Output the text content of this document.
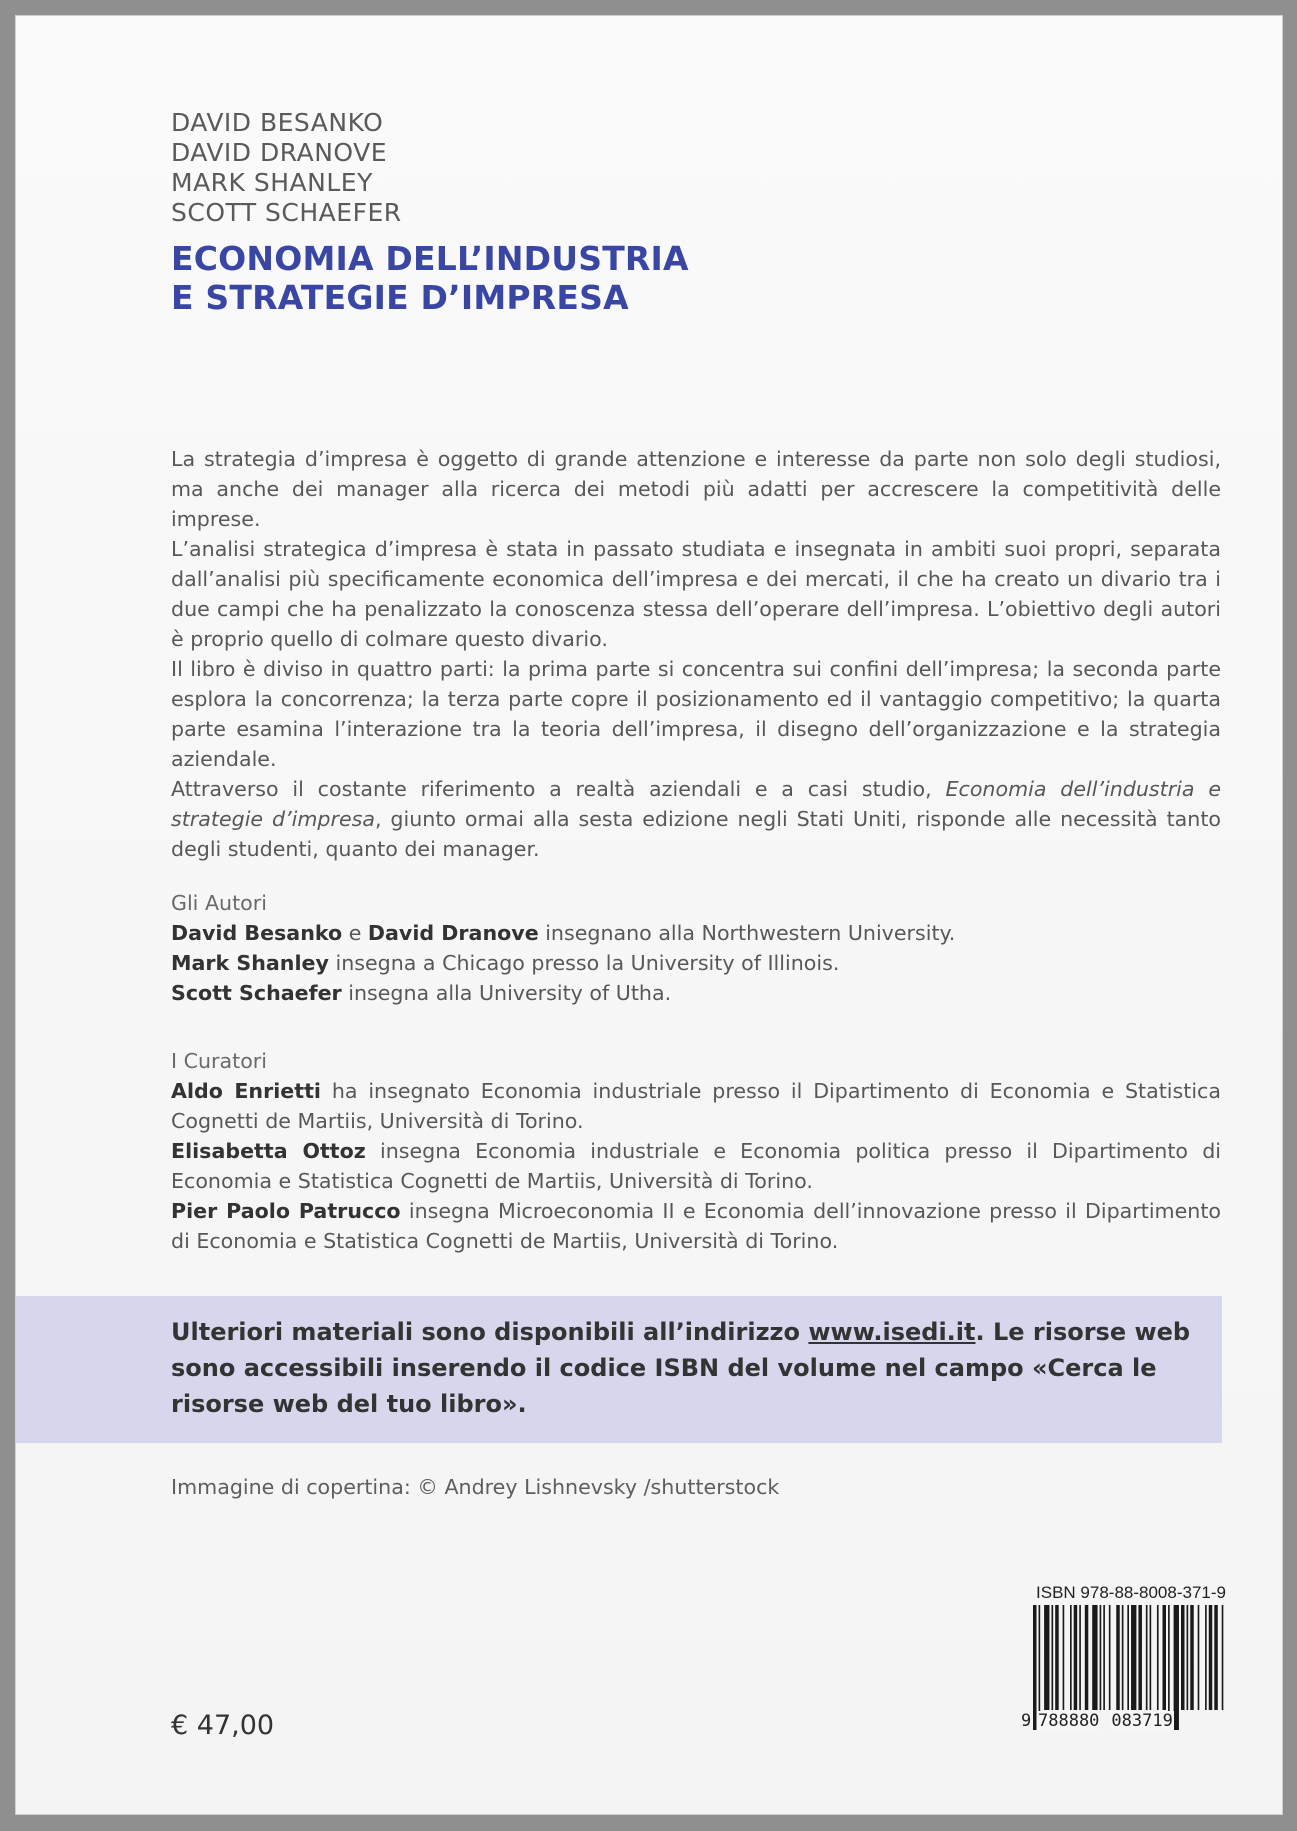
DAVID BESANKO
DAVID DRANOVE
MARK SHANLEY
SCOTT SCHAEFER
ECONOMIA DELL’INDUSTRIA
E STRATEGIE D’IMPRESA

La strategia d’impresa è oggetto di grande attenzione e interesse da parte non solo degli studiosi, ma anche dei manager alla ricerca dei metodi più adatti per accrescere la competitività delle imprese.

L’analisi strategica d’impresa è stata in passato studiata e insegnata in ambiti suoi propri, separata dall’analisi più specificamente economica dell’impresa e dei mercati, il che ha creato un divario tra i due campi che ha penalizzato la conoscenza stessa dell’operare dell’impresa. L’obiettivo degli autori è proprio quello di colmare questo divario.

Il libro è diviso in quattro parti: la prima parte si concentra sui confini dell’impresa; la seconda parte esplora la concorrenza; la terza parte copre il posizionamento ed il vantaggio competitivo; la quarta parte esamina l’interazione tra la teoria dell’impresa, il disegno dell’organizzazione e la strategia aziendale.

Attraverso il costante riferimento a realtà aziendali e a casi studio, Economia dell’industria e strategie d’impresa, giunto ormai alla sesta edizione negli Stati Uniti, risponde alle necessità tanto degli studenti, quanto dei manager.

Gli Autori

David Besanko e David Dranove insegnano alla Northwestern University.

Mark Shanley insegna a Chicago presso la University of Illinois.

Scott Schaefer insegna alla University of Utha.

I Curatori

Aldo Enrietti ha insegnato Economia industriale presso il Dipartimento di Economia e Statistica Cognetti de Martiis, Università di Torino.

Elisabetta Ottoz insegna Economia industriale e Economia politica presso il Dipartimento di Economia e Statistica Cognetti de Martiis, Università di Torino.

Pier Paolo Patrucco insegna Microeconomia II e Economia dell’innovazione presso il Dipartimento di Economia e Statistica Cognetti de Martiis, Università di Torino.

Ulteriori materiali sono disponibili all’indirizzo www.isedi.it. Le risorse web sono accessibili inserendo il codice ISBN del volume nel campo «Cerca le risorse web del tuo libro».
Immagine di copertina: © Andrey Lishnevsky /shutterstock
€ 47,00
ISBN 978-88-8008-371-9
9 788880 083719
